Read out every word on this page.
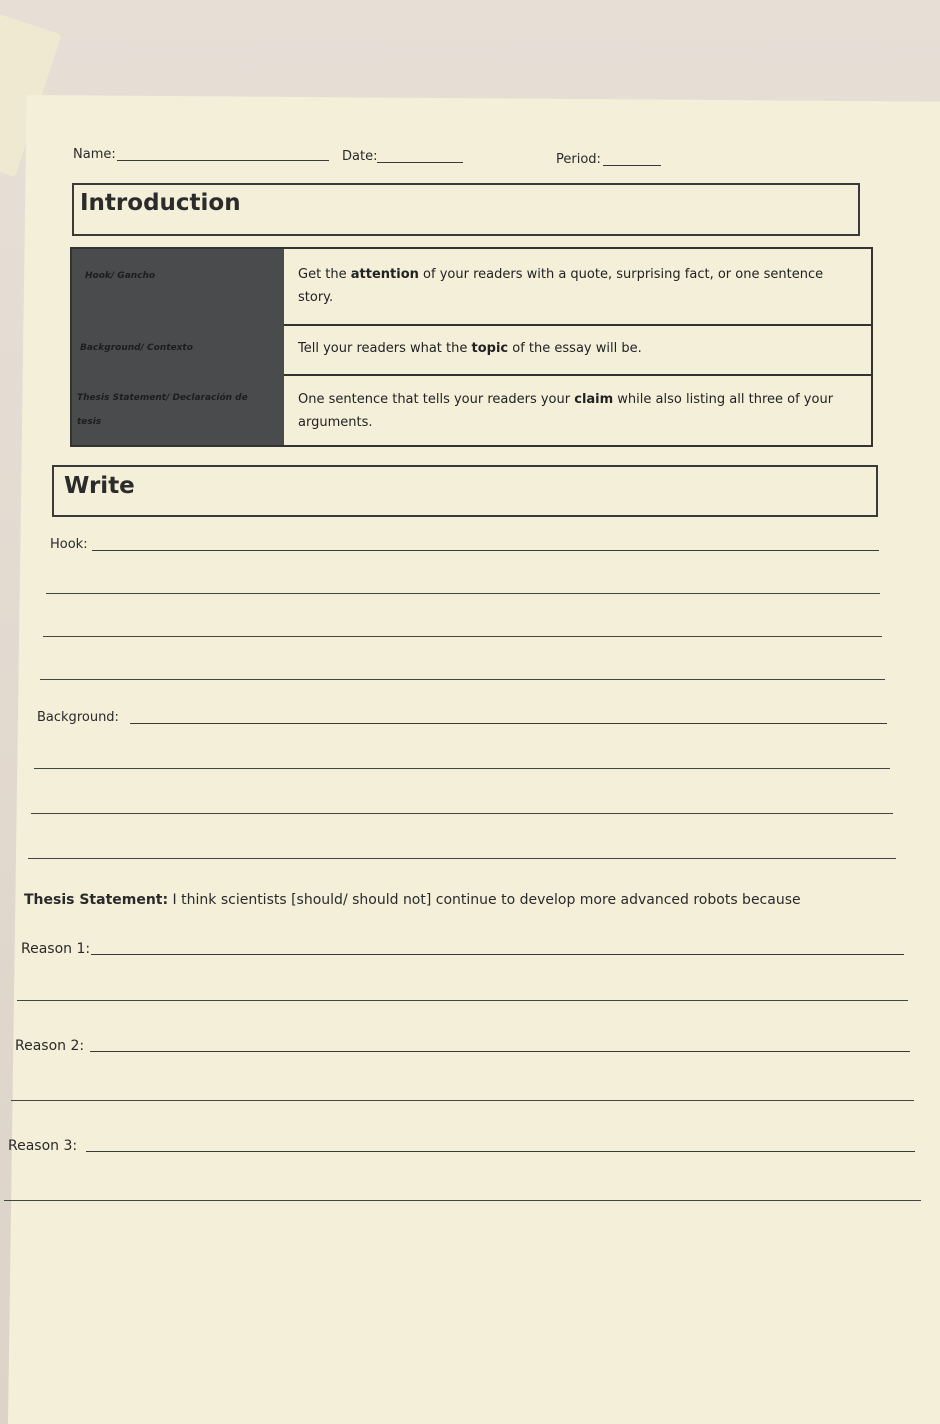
Name:	Date:	Period:
Introduction
Hook/ Gancho
Background/ Contexto
Thesis Statement/ Declaración de tesis
Get the attention of your readers with a quote, surprising fact, or one sentence story.
Tell your readers what the topic of the essay will be.
One sentence that tells your readers your claim while also listing all three of your arguments.
Write
Hook:
Background:
Thesis Statement: I think scientists [should/ should not] continue to develop more advanced robots because
Reason 1:
Reason 2:
Reason 3:
